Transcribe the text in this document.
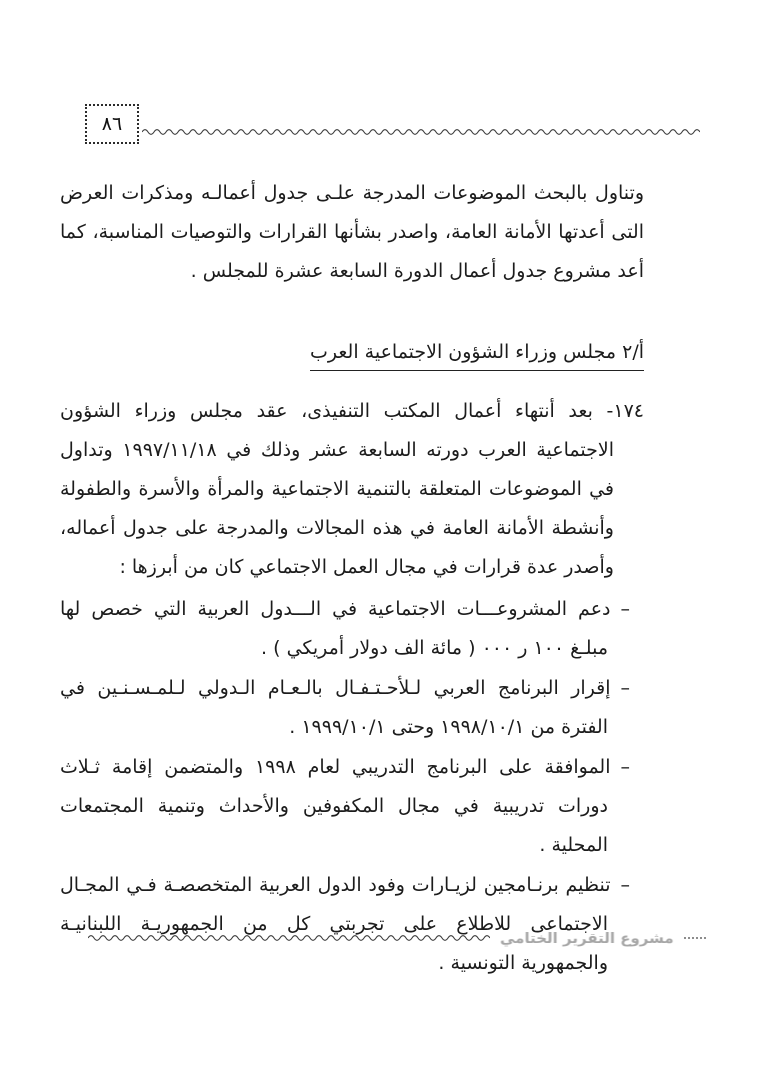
٨٦

وتناول بالبحث الموضوعات المدرجة علـى جدول أعمالـه ومذكرات العرض التى أعدتها الأمانة العامة، واصدر بشأنها القرارات والتوصيات المناسبة، كما أعد مشروع جدول أعمال الدورة السابعة عشرة للمجلس .

أ/٢ مجلس وزراء الشؤون الاجتماعية العرب

١٧٤- بعد أنتهاء أعمال المكتب التنفيذى، عقد مجلس وزراء الشؤون الاجتماعية العرب دورته السابعة عشر وذلك في ١٩٩٧/١١/١٨ وتداول في الموضوعات المتعلقة بالتنمية الاجتماعية والمرأة والأسرة والطفولة وأنشطة الأمانة العامة في هذه المجالات والمدرجة على جدول أعماله، وأصدر عدة قرارات في مجال العمل الاجتماعي كان من أبرزها :

–دعم المشروعـــات الاجتماعية في الـــدول العربية التي خصص لها مبلـغ ١٠٠ ر ٠٠٠ ( مائة الف دولار أمريكي ) .
–إقرار البرنامج العربي لـلأحـتـفـال بالـعـام الـدولي لـلمـسـنـين في الفترة من ١٩٩٨/١٠/١ وحتى ١٩٩٩/١٠/١ .
–الموافقة على البرنامج التدريبي لعام ١٩٩٨ والمتضمن إقامة ثـلاث دورات تدريبية في مجال المكفوفين والأحداث وتنمية المجتمعات المحلية .
–تنظيم برنـامجين لزيـارات وفود الدول العربية المتخصصـة فـي المجـال الاجتماعى للاطلاع على تجربتي كل من الجمهوريـة اللبنانيـة والجمهورية التونسية .
مشروع التقرير الختامي
